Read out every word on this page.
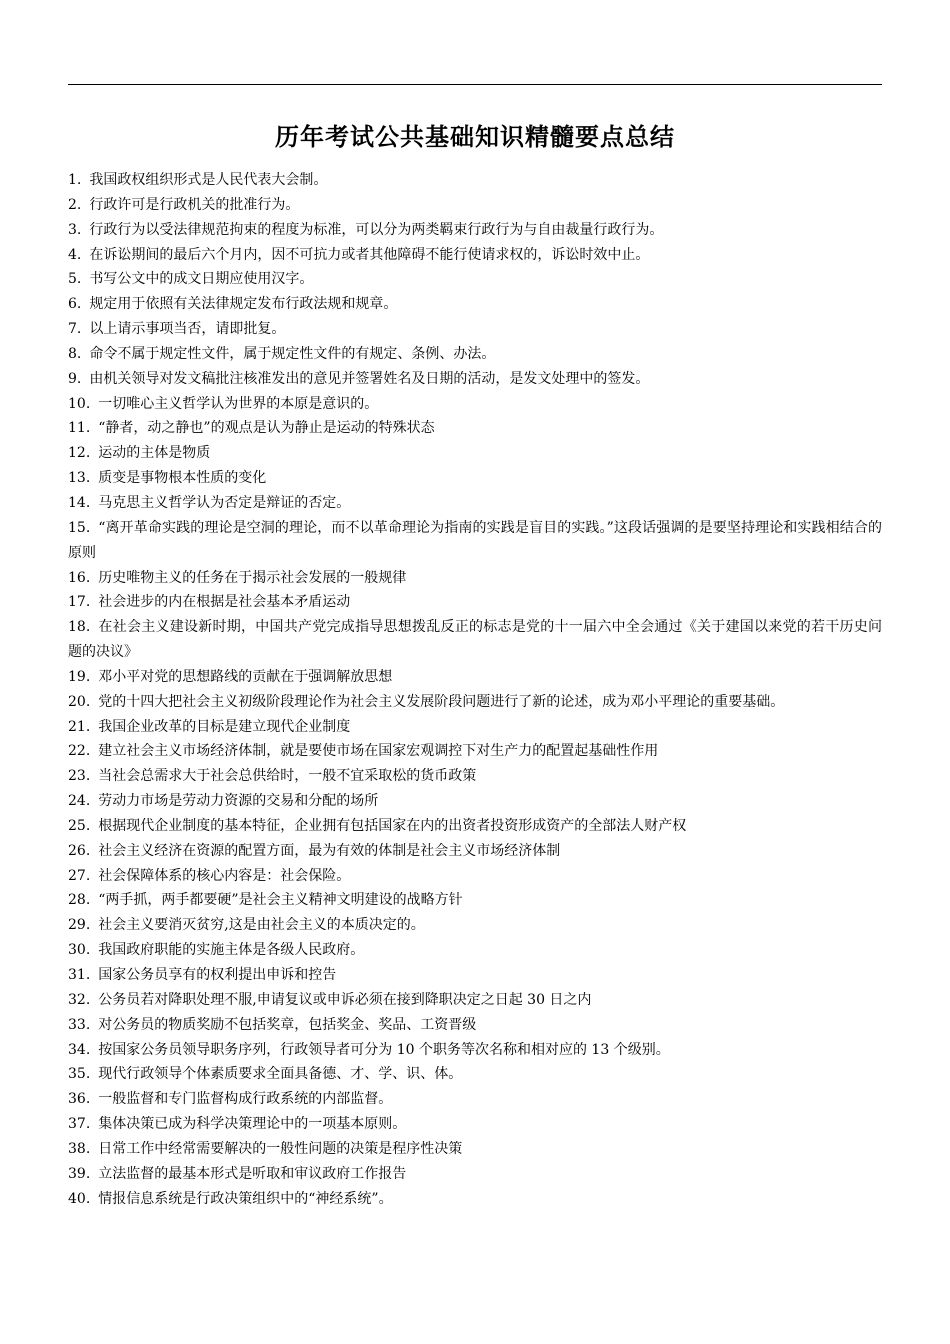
历年考试公共基础知识精髓要点总结
1. 我国政权组织形式是人民代表大会制。
2. 行政许可是行政机关的批准行为。
3. 行政行为以受法律规范拘束的程度为标准，可以分为两类羁束行政行为与自由裁量行政行为。
4. 在诉讼期间的最后六个月内，因不可抗力或者其他障碍不能行使请求权的，诉讼时效中止。
5. 书写公文中的成文日期应使用汉字。
6. 规定用于依照有关法律规定发布行政法规和规章。
7. 以上请示事项当否，请即批复。
8. 命令不属于规定性文件，属于规定性文件的有规定、条例、办法。
9. 由机关领导对发文稿批注核准发出的意见并签署姓名及日期的活动，是发文处理中的签发。
10. 一切唯心主义哲学认为世界的本原是意识的。
11. “静者，动之静也”的观点是认为静止是运动的特殊状态
12. 运动的主体是物质
13. 质变是事物根本性质的变化
14. 马克思主义哲学认为否定是辩证的否定。
15. “离开革命实践的理论是空洞的理论，而不以革命理论为指南的实践是盲目的实践。”这段话强调的是要坚持理论和实践相结合的原则
16. 历史唯物主义的任务在于揭示社会发展的一般规律
17. 社会进步的内在根据是社会基本矛盾运动
18. 在社会主义建设新时期，中国共产党完成指导思想拨乱反正的标志是党的十一届六中全会通过《关于建国以来党的若干历史问题的决议》
19. 邓小平对党的思想路线的贡献在于强调解放思想
20. 党的十四大把社会主义初级阶段理论作为社会主义发展阶段问题进行了新的论述，成为邓小平理论的重要基础。
21. 我国企业改革的目标是建立现代企业制度
22. 建立社会主义市场经济体制，就是要使市场在国家宏观调控下对生产力的配置起基础性作用
23. 当社会总需求大于社会总供给时，一般不宜采取松的货币政策
24. 劳动力市场是劳动力资源的交易和分配的场所
25. 根据现代企业制度的基本特征，企业拥有包括国家在内的出资者投资形成资产的全部法人财产权
26. 社会主义经济在资源的配置方面，最为有效的体制是社会主义市场经济体制
27. 社会保障体系的核心内容是：社会保险。
28. “两手抓，两手都要硬”是社会主义精神文明建设的战略方针
29. 社会主义要消灭贫穷,这是由社会主义的本质决定的。
30. 我国政府职能的实施主体是各级人民政府。
31. 国家公务员享有的权利提出申诉和控告
32. 公务员若对降职处理不服,申请复议或申诉必须在接到降职决定之日起 30 日之内
33. 对公务员的物质奖励不包括奖章，包括奖金、奖品、工资晋级
34. 按国家公务员领导职务序列，行政领导者可分为 10 个职务等次名称和相对应的 13 个级别。
35. 现代行政领导个体素质要求全面具备德、才、学、识、体。
36. 一般监督和专门监督构成行政系统的内部监督。
37. 集体决策已成为科学决策理论中的一项基本原则。
38. 日常工作中经常需要解决的一般性问题的决策是程序性决策
39. 立法监督的最基本形式是听取和审议政府工作报告
40. 情报信息系统是行政决策组织中的“神经系统”。
